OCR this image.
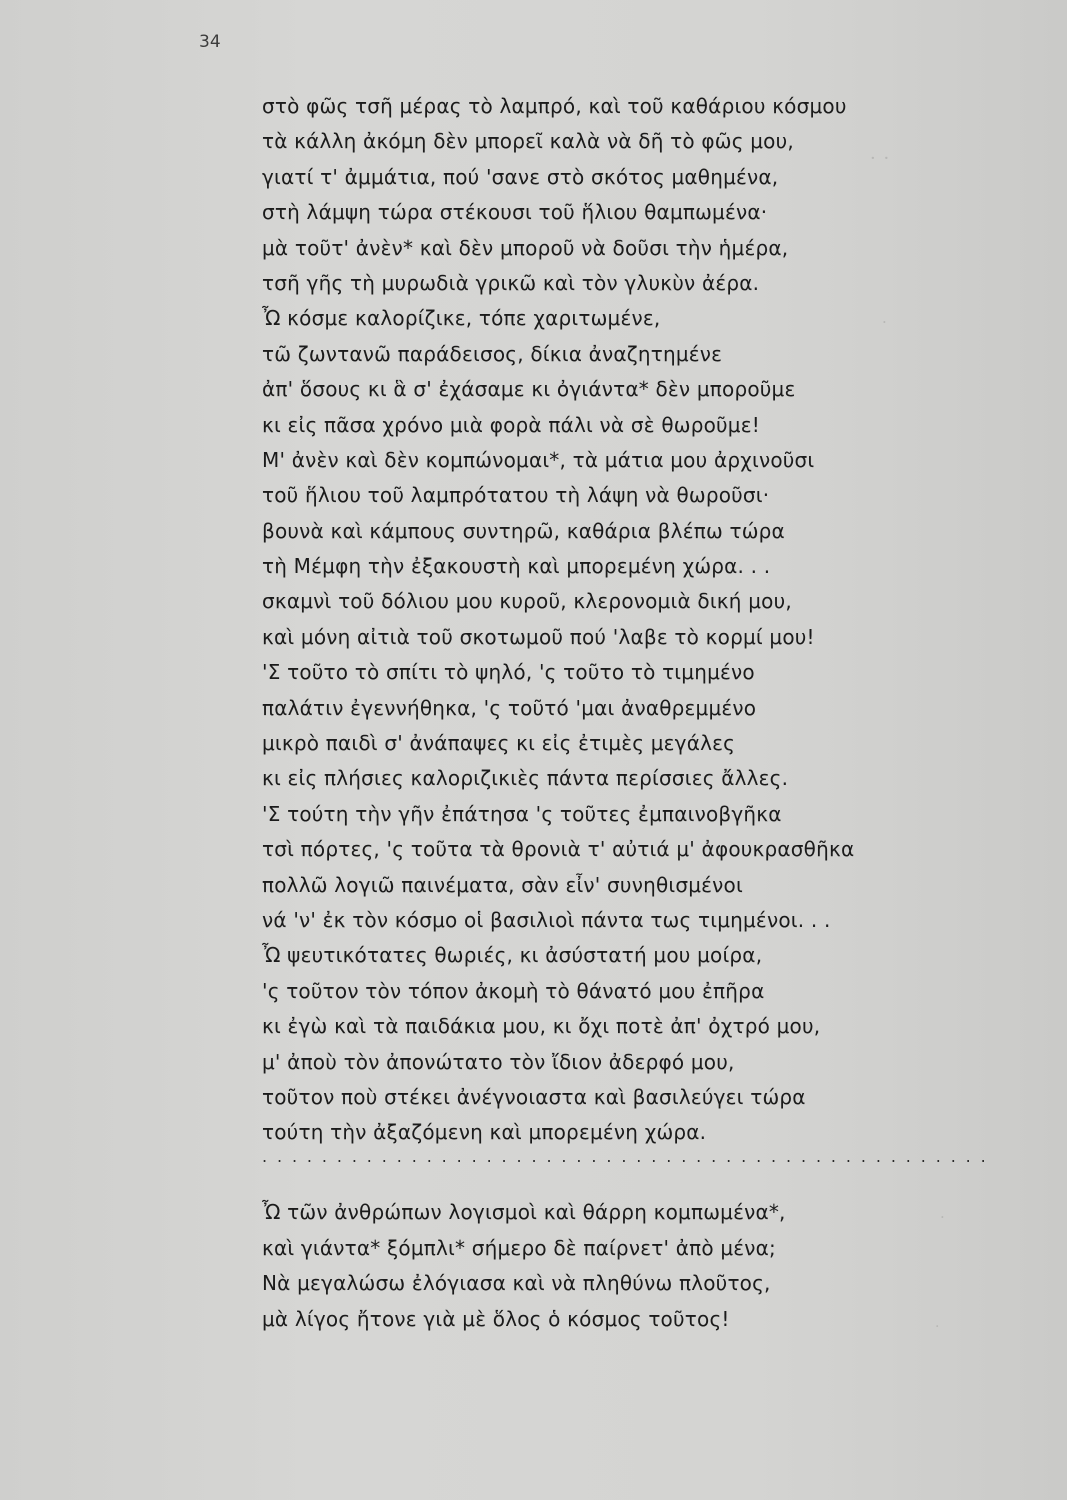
· ·
·
·
·
34
στὸ φῶς τσῆ μέρας τὸ λαμπρό, καὶ τοῦ καθάριου κόσμου
τὰ κάλλη ἀκόμη δὲν μπορεῖ καλὰ νὰ δῆ τὸ φῶς μου,
γιατί τ' ἀμμάτια, πού 'σανε στὸ σκότος μαθημένα,
στὴ λάμψη τώρα στέκουσι τοῦ ἥλιου θαμπωμένα·
μὰ τοῦτ' ἀνὲν* καὶ δὲν μποροῦ νὰ δοῦσι τὴν ἡμέρα,
τσῆ γῆς τὴ μυρωδιὰ γρικῶ καὶ τὸν γλυκὺν ἀέρα.
Ὦ κόσμε καλορίζικε, τόπε χαριτωμένε,
τῶ ζωντανῶ παράδεισος, δίκια ἀναζητημένε
ἀπ' ὅσους κι ἃ σ' ἐχάσαμε κι ὀγιάντα* δὲν μποροῦμε
κι εἰς πᾶσα χρόνο μιὰ φορὰ πάλι νὰ σὲ θωροῦμε!
Μ' ἀνὲν καὶ δὲν κομπώνομαι*, τὰ μάτια μου ἀρχινοῦσι
τοῦ ἥλιου τοῦ λαμπρότατου τὴ λάψη νὰ θωροῦσι·
βουνὰ καὶ κάμπους συντηρῶ, καθάρια βλέπω τώρα
τὴ Μέμφη τὴν ἐξακουστὴ καὶ μπορεμένη χώρα. . .
σκαμνὶ τοῦ δόλιου μου κυροῦ, κλερονομιὰ δική μου,
καὶ μόνη αἰτιὰ τοῦ σκοτωμοῦ πού 'λαβε τὸ κορμί μου!
'Σ τοῦτο τὸ σπίτι τὸ ψηλό, 'ς τοῦτο τὸ τιμημένο
παλάτιν ἐγεννήθηκα, 'ς τοῦτό 'μαι ἀναθρεμμένο
μικρὸ παιδὶ σ' ἀνάπαψες κι εἰς ἐτιμὲς μεγάλες
κι εἰς πλήσιες καλοριζικιὲς πάντα περίσσιες ἄλλες.
'Σ τούτη τὴν γῆν ἐπάτησα 'ς τοῦτες ἐμπαινοβγῆκα
τσὶ πόρτες, 'ς τοῦτα τὰ θρονιὰ τ' αὐτιά μ' ἀφουκρασθῆκα
πολλῶ λογιῶ παινέματα, σὰν εἶν' συνηθισμένοι
νά 'ν' ἐκ τὸν κόσμο οἱ βασιλιοὶ πάντα τως τιμημένοι. . .
Ὦ ψευτικότατες θωριές, κι ἀσύστατή μου μοίρα,
'ς τοῦτον τὸν τόπον ἀκομὴ τὸ θάνατό μου ἐπῆρα
κι ἐγὼ καὶ τὰ παιδάκια μου, κι ὄχι ποτὲ ἀπ' ὀχτρό μου,
μ' ἀποὺ τὸν ἀπονώτατο τὸν ἴδιον ἀδερφό μου,
τοῦτον ποὺ στέκει ἀνέγνοιαστα καὶ βασιλεύγει τώρα
τούτη τὴν ἀξαζόμενη καὶ μπορεμένη χώρα.
. . . . . . . . . . . . . . . . . . . . . . . . . . . . . . . . . . . . . . . . . . . . . . . . .
Ὦ τῶν ἀνθρώπων λογισμοὶ καὶ θάρρη κομπωμένα*,
καὶ γιάντα* ξόμπλι* σήμερο δὲ παίρνετ' ἀπὸ μένα;
Νὰ μεγαλώσω ἐλόγιασα καὶ νὰ πληθύνω πλοῦτος,
μὰ λίγος ἤτονε γιὰ μὲ ὅλος ὁ κόσμος τοῦτος!
